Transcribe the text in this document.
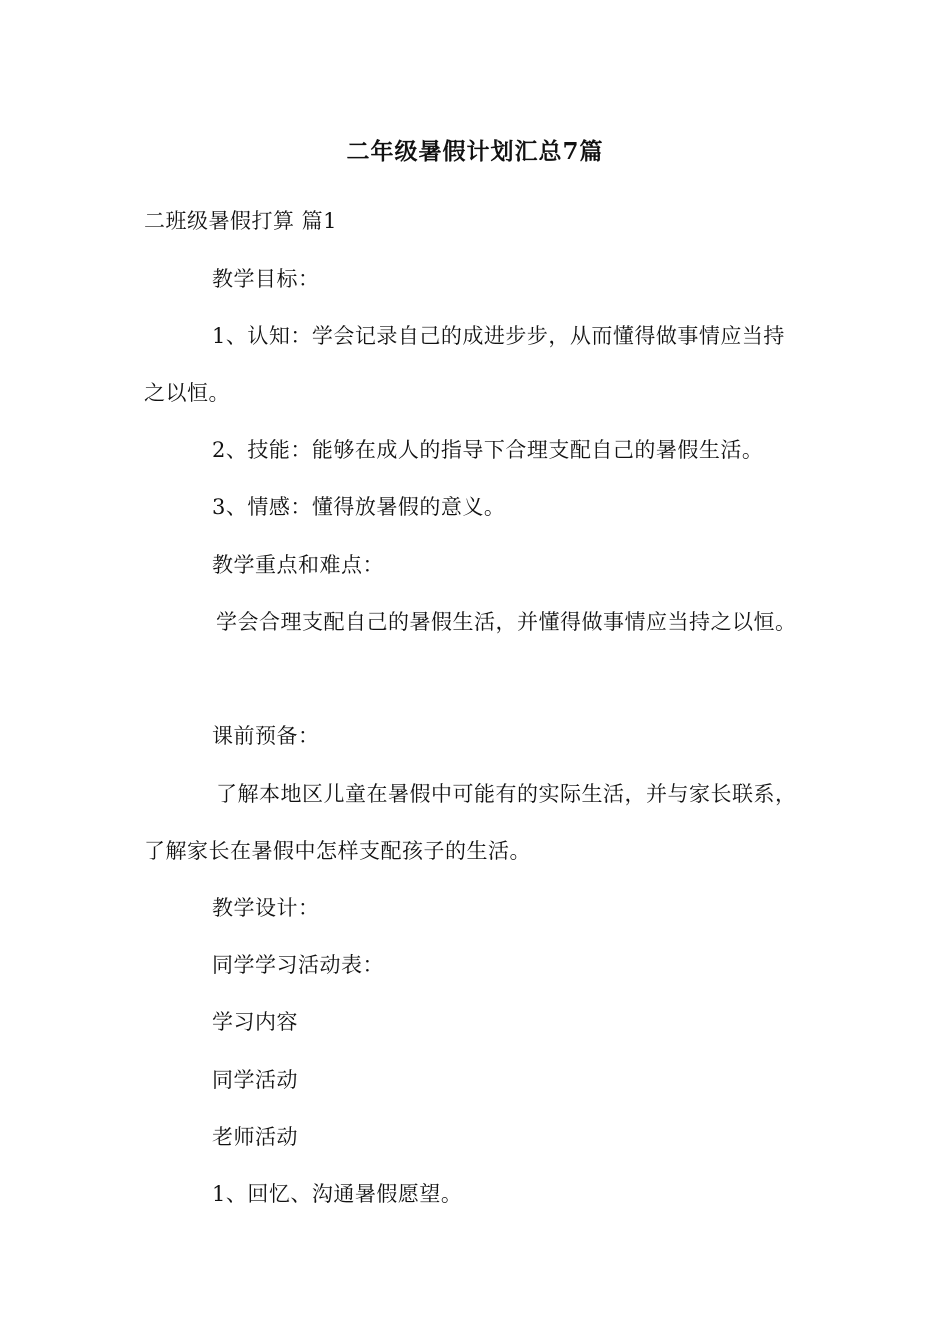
二年级暑假计划汇总7篇
二班级暑假打算 篇1
教学目标：
1、认知：学会记录自己的成进步步，从而懂得做事情应当持
之以恒。
2、技能：能够在成人的指导下合理支配自己的暑假生活。
3、情感：懂得放暑假的意义。
教学重点和难点：
学会合理支配自己的暑假生活，并懂得做事情应当持之以恒。
课前预备：
了解本地区儿童在暑假中可能有的实际生活，并与家长联系，
了解家长在暑假中怎样支配孩子的生活。
教学设计：
同学学习活动表：
学习内容
同学活动
老师活动
1、回忆、沟通暑假愿望。
